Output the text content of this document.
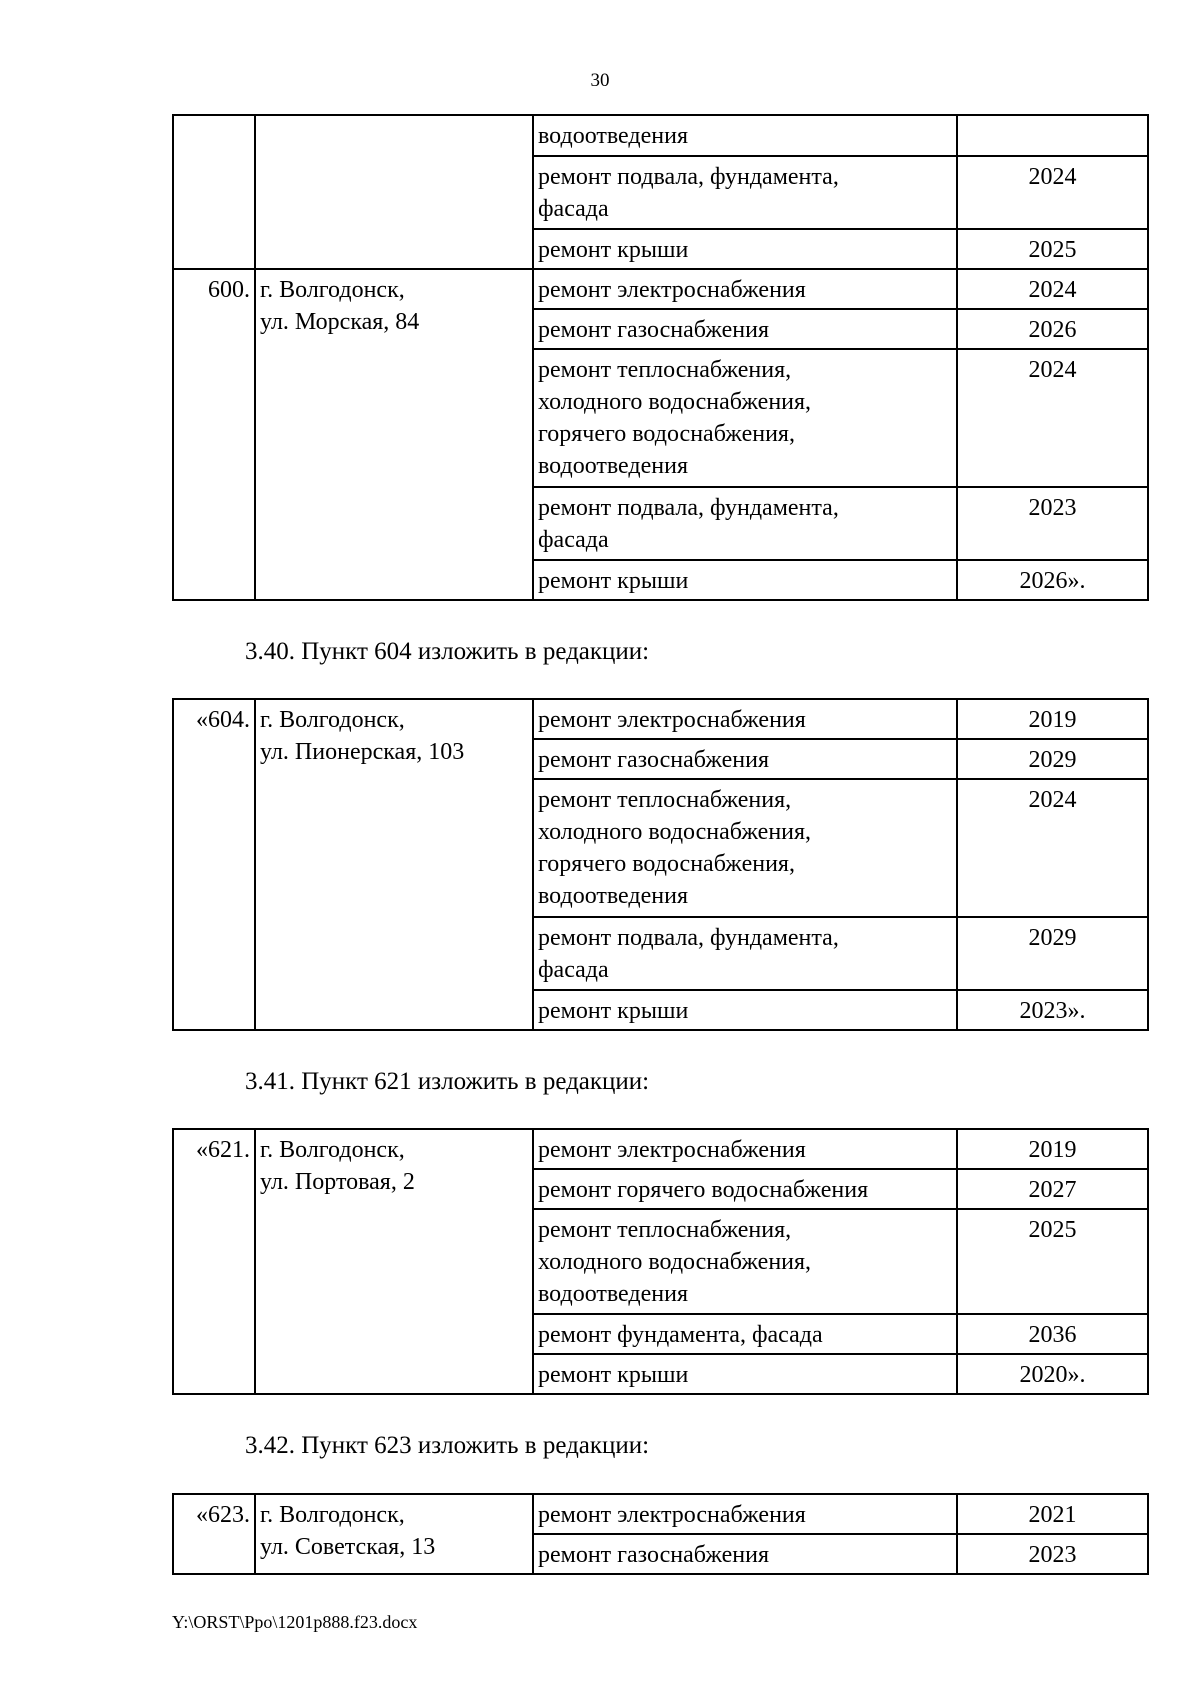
30
		водоотведения	
		ремонт подвала, фундамента,
фасада	2024
		ремонт крыши	2025
600.	г. Волгодонск,
ул. Морская, 84	ремонт электроснабжения	2024
		ремонт газоснабжения	2026
		ремонт теплоснабжения,
холодного водоснабжения,
горячего водоснабжения,
водоотведения	2024
		ремонт подвала, фундамента,
фасада	2023
		ремонт крыши	2026».
3.40. Пункт 604 изложить в редакции:
«604.	г. Волгодонск,
ул. Пионерская, 103	ремонт электроснабжения	2019
		ремонт газоснабжения	2029
		ремонт теплоснабжения,
холодного водоснабжения,
горячего водоснабжения,
водоотведения	2024
		ремонт подвала, фундамента,
фасада	2029
		ремонт крыши	2023».
3.41. Пункт 621 изложить в редакции:
«621.	г. Волгодонск,
ул. Портовая, 2	ремонт электроснабжения	2019
		ремонт горячего водоснабжения	2027
		ремонт теплоснабжения,
холодного водоснабжения,
водоотведения	2025
		ремонт фундамента, фасада	2036
		ремонт крыши	2020».
3.42. Пункт 623 изложить в редакции:
«623.	г. Волгодонск,
ул. Советская, 13	ремонт электроснабжения	2021
		ремонт газоснабжения	2023
Y:\ORST\Ppo\1201p888.f23.docx
